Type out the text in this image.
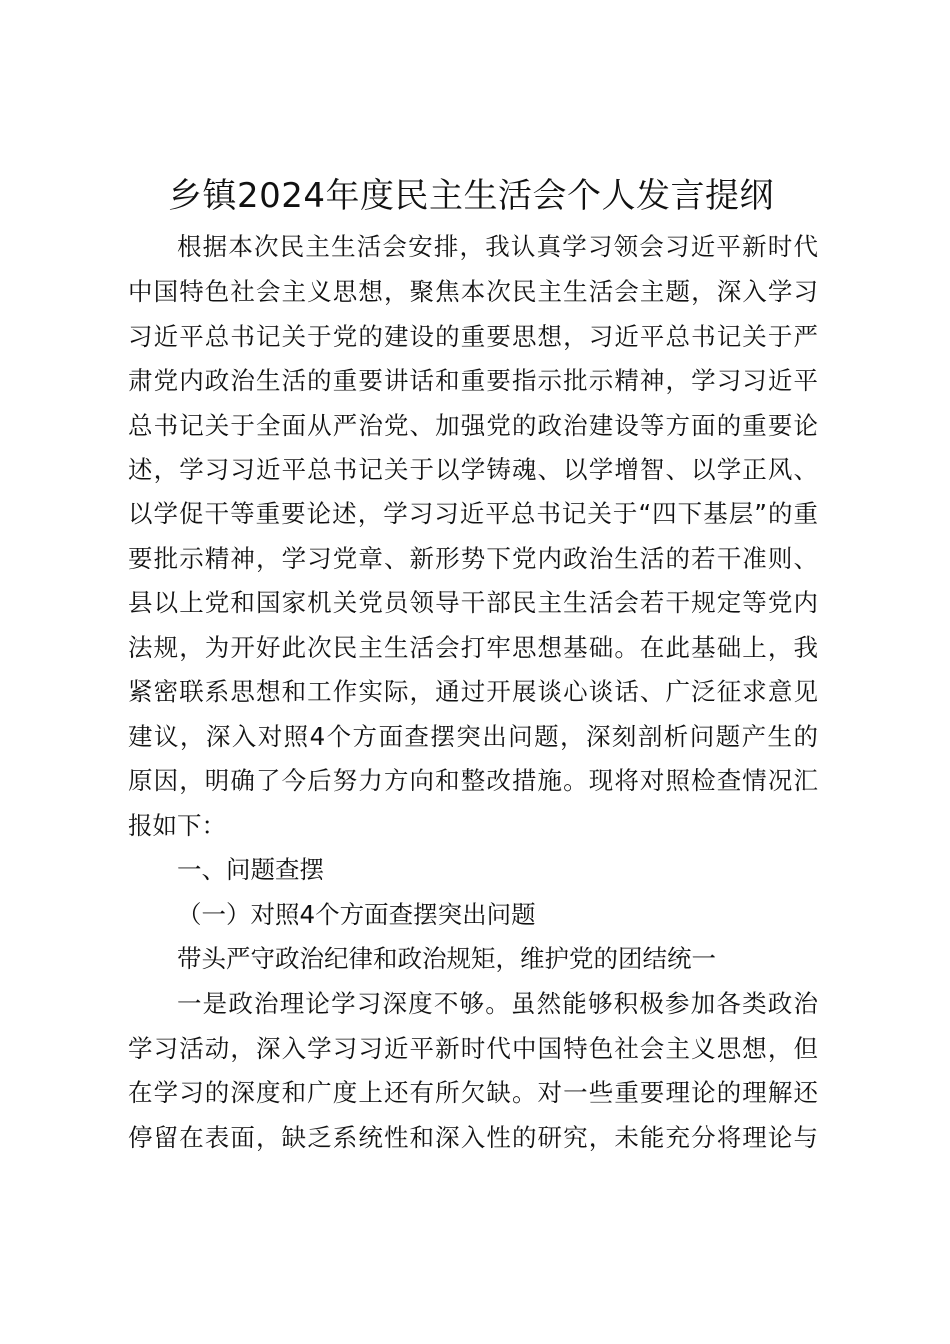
乡镇2024年度民主生活会个人发言提纲

根据本次民主生活会安排，我认真学习领会习近平新时代

中国特色社会主义思想，聚焦本次民主生活会主题，深入学习

习近平总书记关于党的建设的重要思想，习近平总书记关于严

肃党内政治生活的重要讲话和重要指示批示精神，学习习近平

总书记关于全面从严治党、加强党的政治建设等方面的重要论

述，学习习近平总书记关于以学铸魂、以学增智、以学正风、

以学促干等重要论述，学习习近平总书记关于“四下基层”的重

要批示精神，学习党章、新形势下党内政治生活的若干准则、

县以上党和国家机关党员领导干部民主生活会若干规定等党内

法规，为开好此次民主生活会打牢思想基础。在此基础上，我

紧密联系思想和工作实际，通过开展谈心谈话、广泛征求意见

建议，深入对照4个方面查摆突出问题，深刻剖析问题产生的

原因，明确了今后努力方向和整改措施。现将对照检查情况汇

报如下：

一、问题查摆

（一）对照4个方面查摆突出问题

带头严守政治纪律和政治规矩，维护党的团结统一

一是政治理论学习深度不够。虽然能够积极参加各类政治

学习活动，深入学习习近平新时代中国特色社会主义思想，但

在学习的深度和广度上还有所欠缺。对一些重要理论的理解还

停留在表面，缺乏系统性和深入性的研究，未能充分将理论与
